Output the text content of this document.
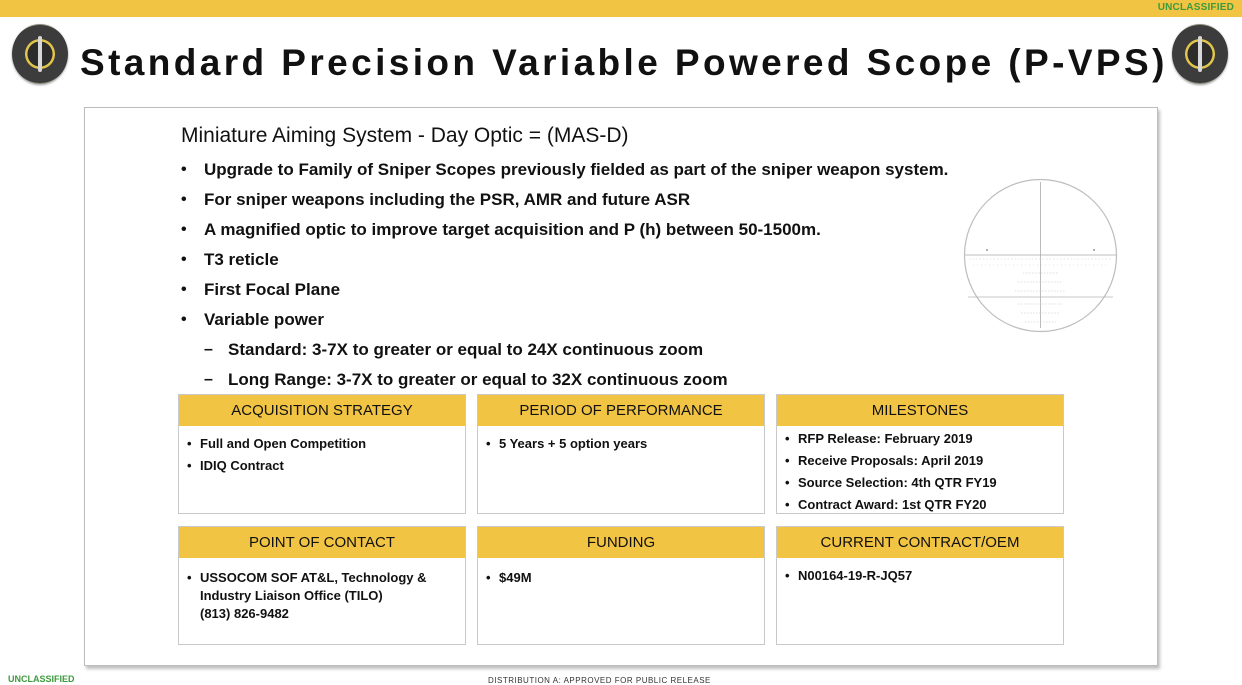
UNCLASSIFIED
Standard Precision Variable Powered Scope (P-VPS)
Miniature Aiming System - Day Optic = (MAS-D)
• Upgrade to Family of Sniper Scopes previously fielded as part of the sniper weapon system.
• For sniper weapons including the PSR, AMR and future ASR
• A magnified optic to improve target acquisition and P (h) between 50-1500m.
• T3 reticle
• First Focal Plane
• Variable power
– Standard: 3-7X to greater or equal to 24X continuous zoom
– Long Range: 3-7X to greater or equal to 32X continuous zoom
ACQUISITION STRATEGY
• Full and Open Competition
• IDIQ Contract
PERIOD OF PERFORMANCE
• 5 Years + 5 option years
MILESTONES
• RFP Release: February 2019
• Receive Proposals: April 2019
• Source Selection: 4th QTR FY19
• Contract Award: 1st QTR FY20
POINT OF CONTACT
• USSOCOM SOF AT&L, Technology & Industry Liaison Office (TILO)
(813) 826-9482
FUNDING
• $49M
CURRENT CONTRACT/OEM
• N00164-19-R-JQ57
UNCLASSIFIED	DISTRIBUTION A: APPROVED FOR PUBLIC RELEASE
